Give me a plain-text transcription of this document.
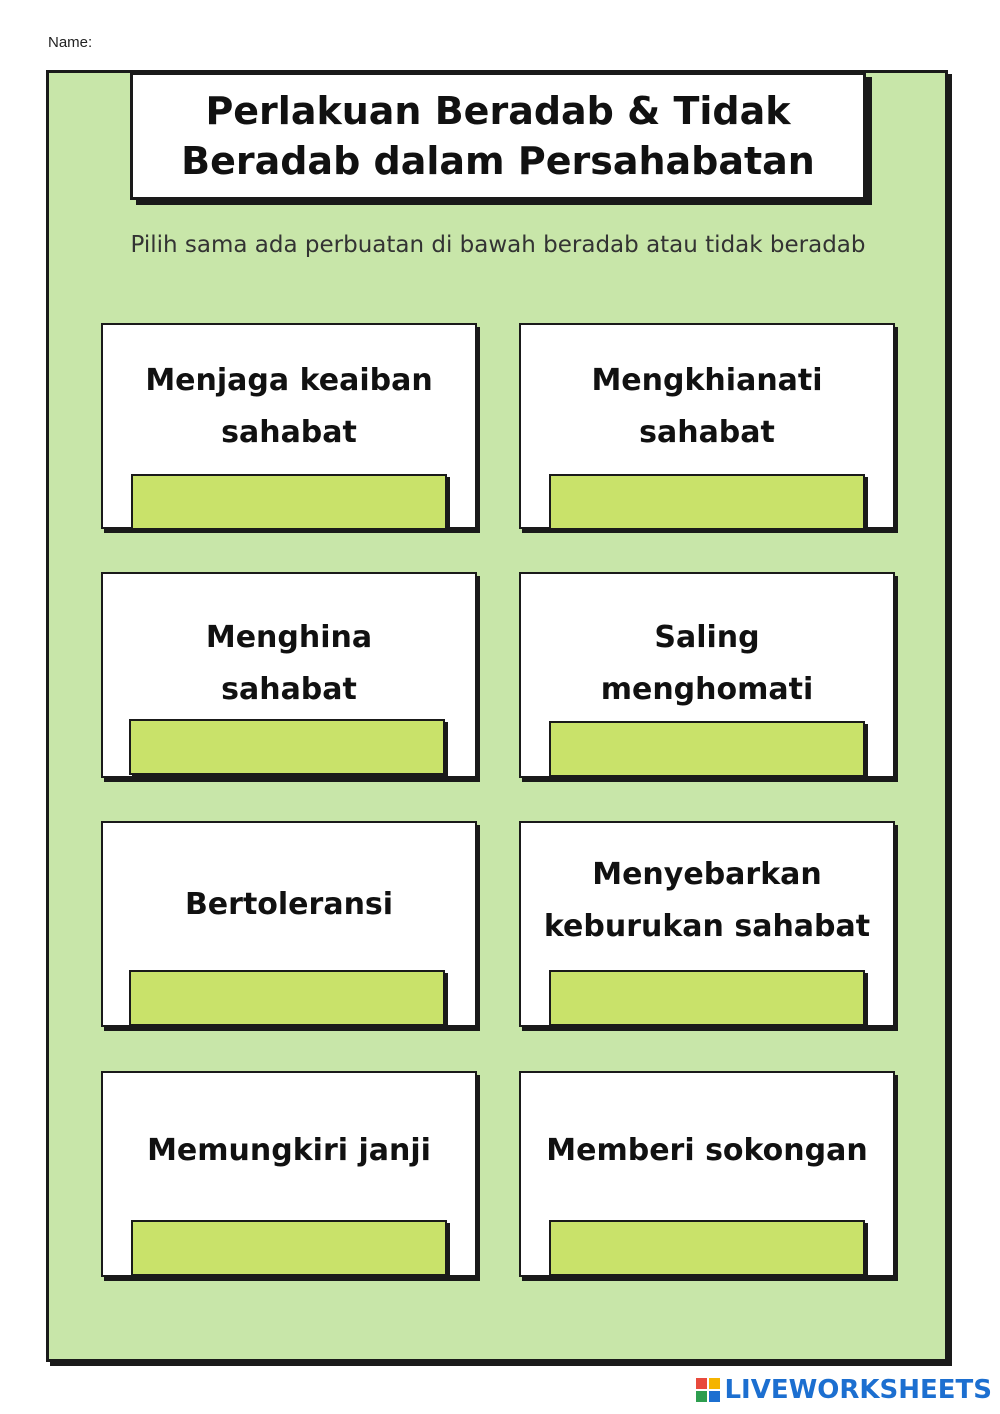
Name:
Perlakuan Beradab & Tidak
Beradab dalam Persahabatan
Pilih sama ada perbuatan di bawah beradab atau tidak beradab
Menjaga keaiban
sahabat
Mengkhianati
sahabat
Menghina
sahabat
Saling
menghomati
Bertoleransi
Menyebarkan
keburukan sahabat
Memungkiri janji	Memberi sokongan
LIVEWORKSHEETS
